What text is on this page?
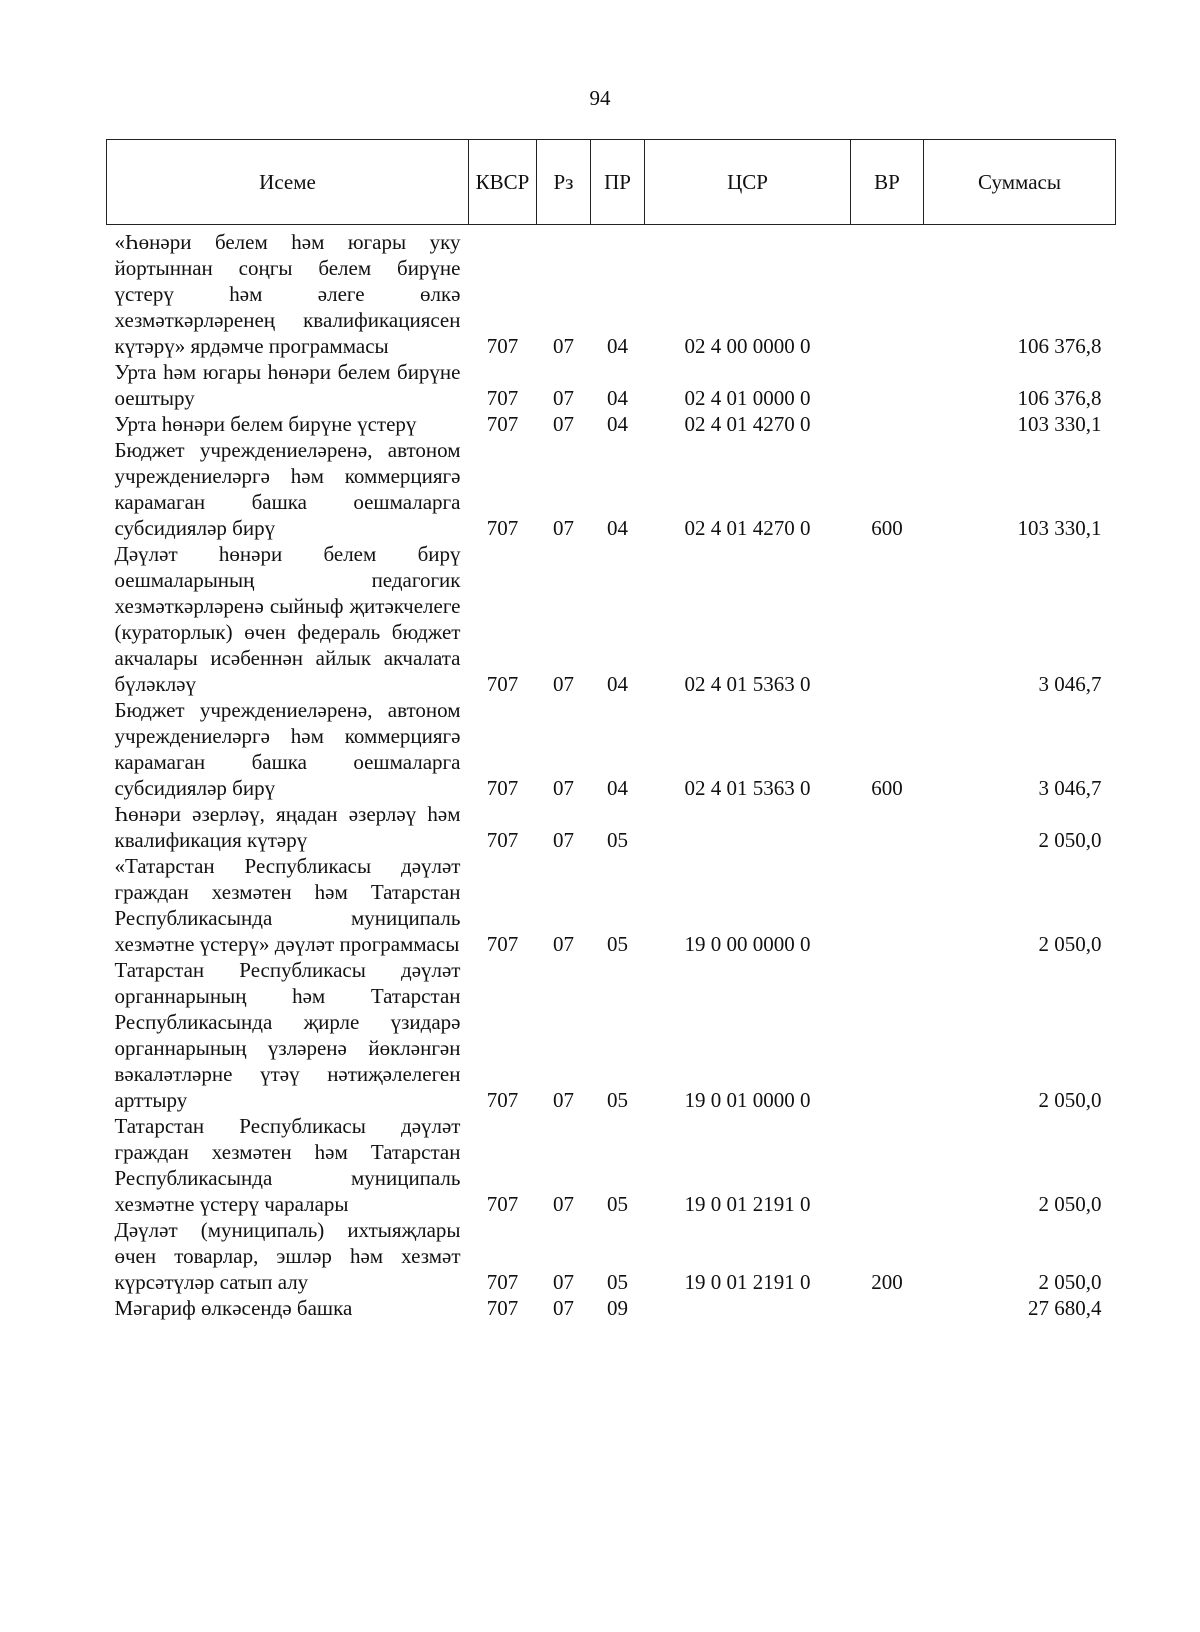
94
Исеме	КВСР	Рз	ПР	ЦСР	ВР	Суммасы
«Һөнәри белем һәм югары уку йортыннан соңгы белем бирүне үстерү һәм әлеге өлкә хезмәткәрләренең квалификациясен күтәрү» ярдәмче программасы	707	07	04	02 4 00 0000 0		106 376,8
Урта һәм югары һөнәри белем бирүне оештыру	707	07	04	02 4 01 0000 0		106 376,8
Урта һөнәри белем бирүне үстерү	707	07	04	02 4 01 4270 0		103 330,1
Бюджет учреждениеләренә, автоном учреждениеләргә һәм коммерциягә карамаган башка оешмаларга субсидияләр бирү	707	07	04	02 4 01 4270 0	600	103 330,1
Дәүләт һөнәри белем бирү оешмаларының педагогик хезмәткәрләренә сыйныф җитәкчелеге (кураторлык) өчен федераль бюджет акчалары исәбеннән айлык акчалата бүләкләү	707	07	04	02 4 01 5363 0		3 046,7
Бюджет учреждениеләренә, автоном учреждениеләргә һәм коммерциягә карамаган башка оешмаларга субсидияләр бирү	707	07	04	02 4 01 5363 0	600	3 046,7
Һөнәри әзерләү, яңадан әзерләү һәм квалификация күтәрү	707	07	05			2 050,0
«Татарстан Республикасы дәүләт граждан хезмәтен һәм Татарстан Республикасында муниципаль хезмәтне үстерү» дәүләт программасы	707	07	05	19 0 00 0000 0		2 050,0
Татарстан Республикасы дәүләт органнарының һәм Татарстан Республикасында җирле үзидарә органнарының үзләренә йөкләнгән вәкаләтләрне үтәү нәтиҗәлелеген арттыру	707	07	05	19 0 01 0000 0		2 050,0
Татарстан Республикасы дәүләт граждан хезмәтен һәм Татарстан Республикасында муниципаль хезмәтне үстерү чаралары	707	07	05	19 0 01 2191 0		2 050,0
Дәүләт (муниципаль) ихтыяҗлары өчен товарлар, эшләр һәм хезмәт күрсәтүләр сатып алу	707	07	05	19 0 01 2191 0	200	2 050,0
Мәгариф өлкәсендә башка	707	07	09			27 680,4
